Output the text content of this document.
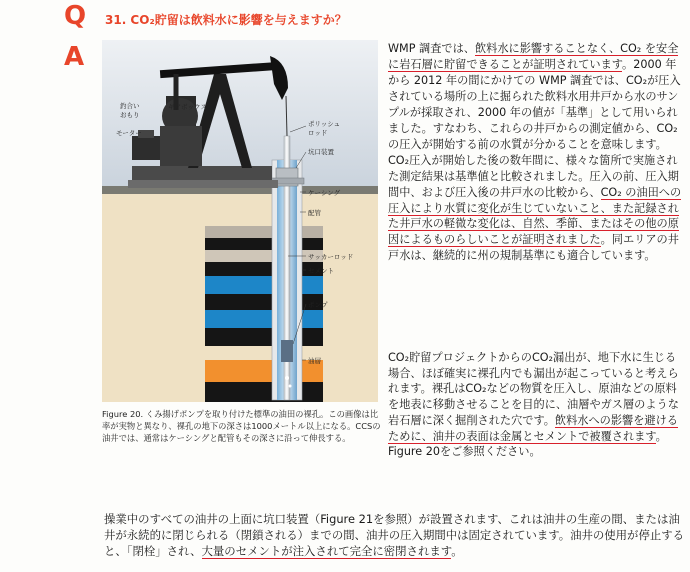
Q
A
31. CO₂貯留は飲料水に影響を与えますか？
釣合い
おもり
ギアボックス
モーター
ポリッシュ
ロッド
坑口装置
ケーシング
配管
サッカーロッド
セメント
ポンプ
油層
Figure 20. くみ揚げポンプを取り付けた標準の油田の裸孔。この画像は比率が実物と異なり、裸孔の地下の深さは1000メートル以上になる。CCSの油井では、通常はケーシングと配管もその深さに沿って伸長する。
WMP 調査では、飲料水に影響することなく、CO₂ を安全に岩石層に貯留できることが証明されています。2000 年から 2012 年の間にかけての WMP 調査では、CO₂が圧入されている場所の上に掘られた飲料水用井戸から水のサンプルが採取され、2000 年の値が「基準」として用いられました。すなわち、これらの井戸からの測定値から、CO₂ の圧入が開始する前の水質が分かることを意味します。CO₂圧入が開始した後の数年間に、様々な箇所で実施された測定結果は基準値と比較されました。圧入の前、圧入期間中、および圧入後の井戸水の比較から、CO₂ の油田への圧入により水質に変化が生じていないこと、また記録された井戸水の軽微な変化は、自然、季節、またはその他の原因によるものらしいことが証明されました。同エリアの井戸水は、継続的に州の規制基準にも適合しています。
CO₂貯留プロジェクトからのCO₂漏出が、地下水に生じる場合、ほぼ確実に裸孔内でも漏出が起こっていると考えられます。裸孔はCO₂などの物質を圧入し、原油などの原料を地表に移動させることを目的に、油層やガス層のような岩石層に深く掘削された穴です。飲料水への影響を避けるために、油井の表面は金属とセメントで被覆されます。Figure 20をご参照ください。
操業中のすべての油井の上面に坑口装置（Figure 21を参照）が設置されます、これは油井の生産の間、または油井が永続的に閉じられる（閉鎖される）までの間、油井の圧入期間中は固定されています。油井の使用が停止すると、「閉栓」され、大量のセメントが注入されて完全に密閉されます。
